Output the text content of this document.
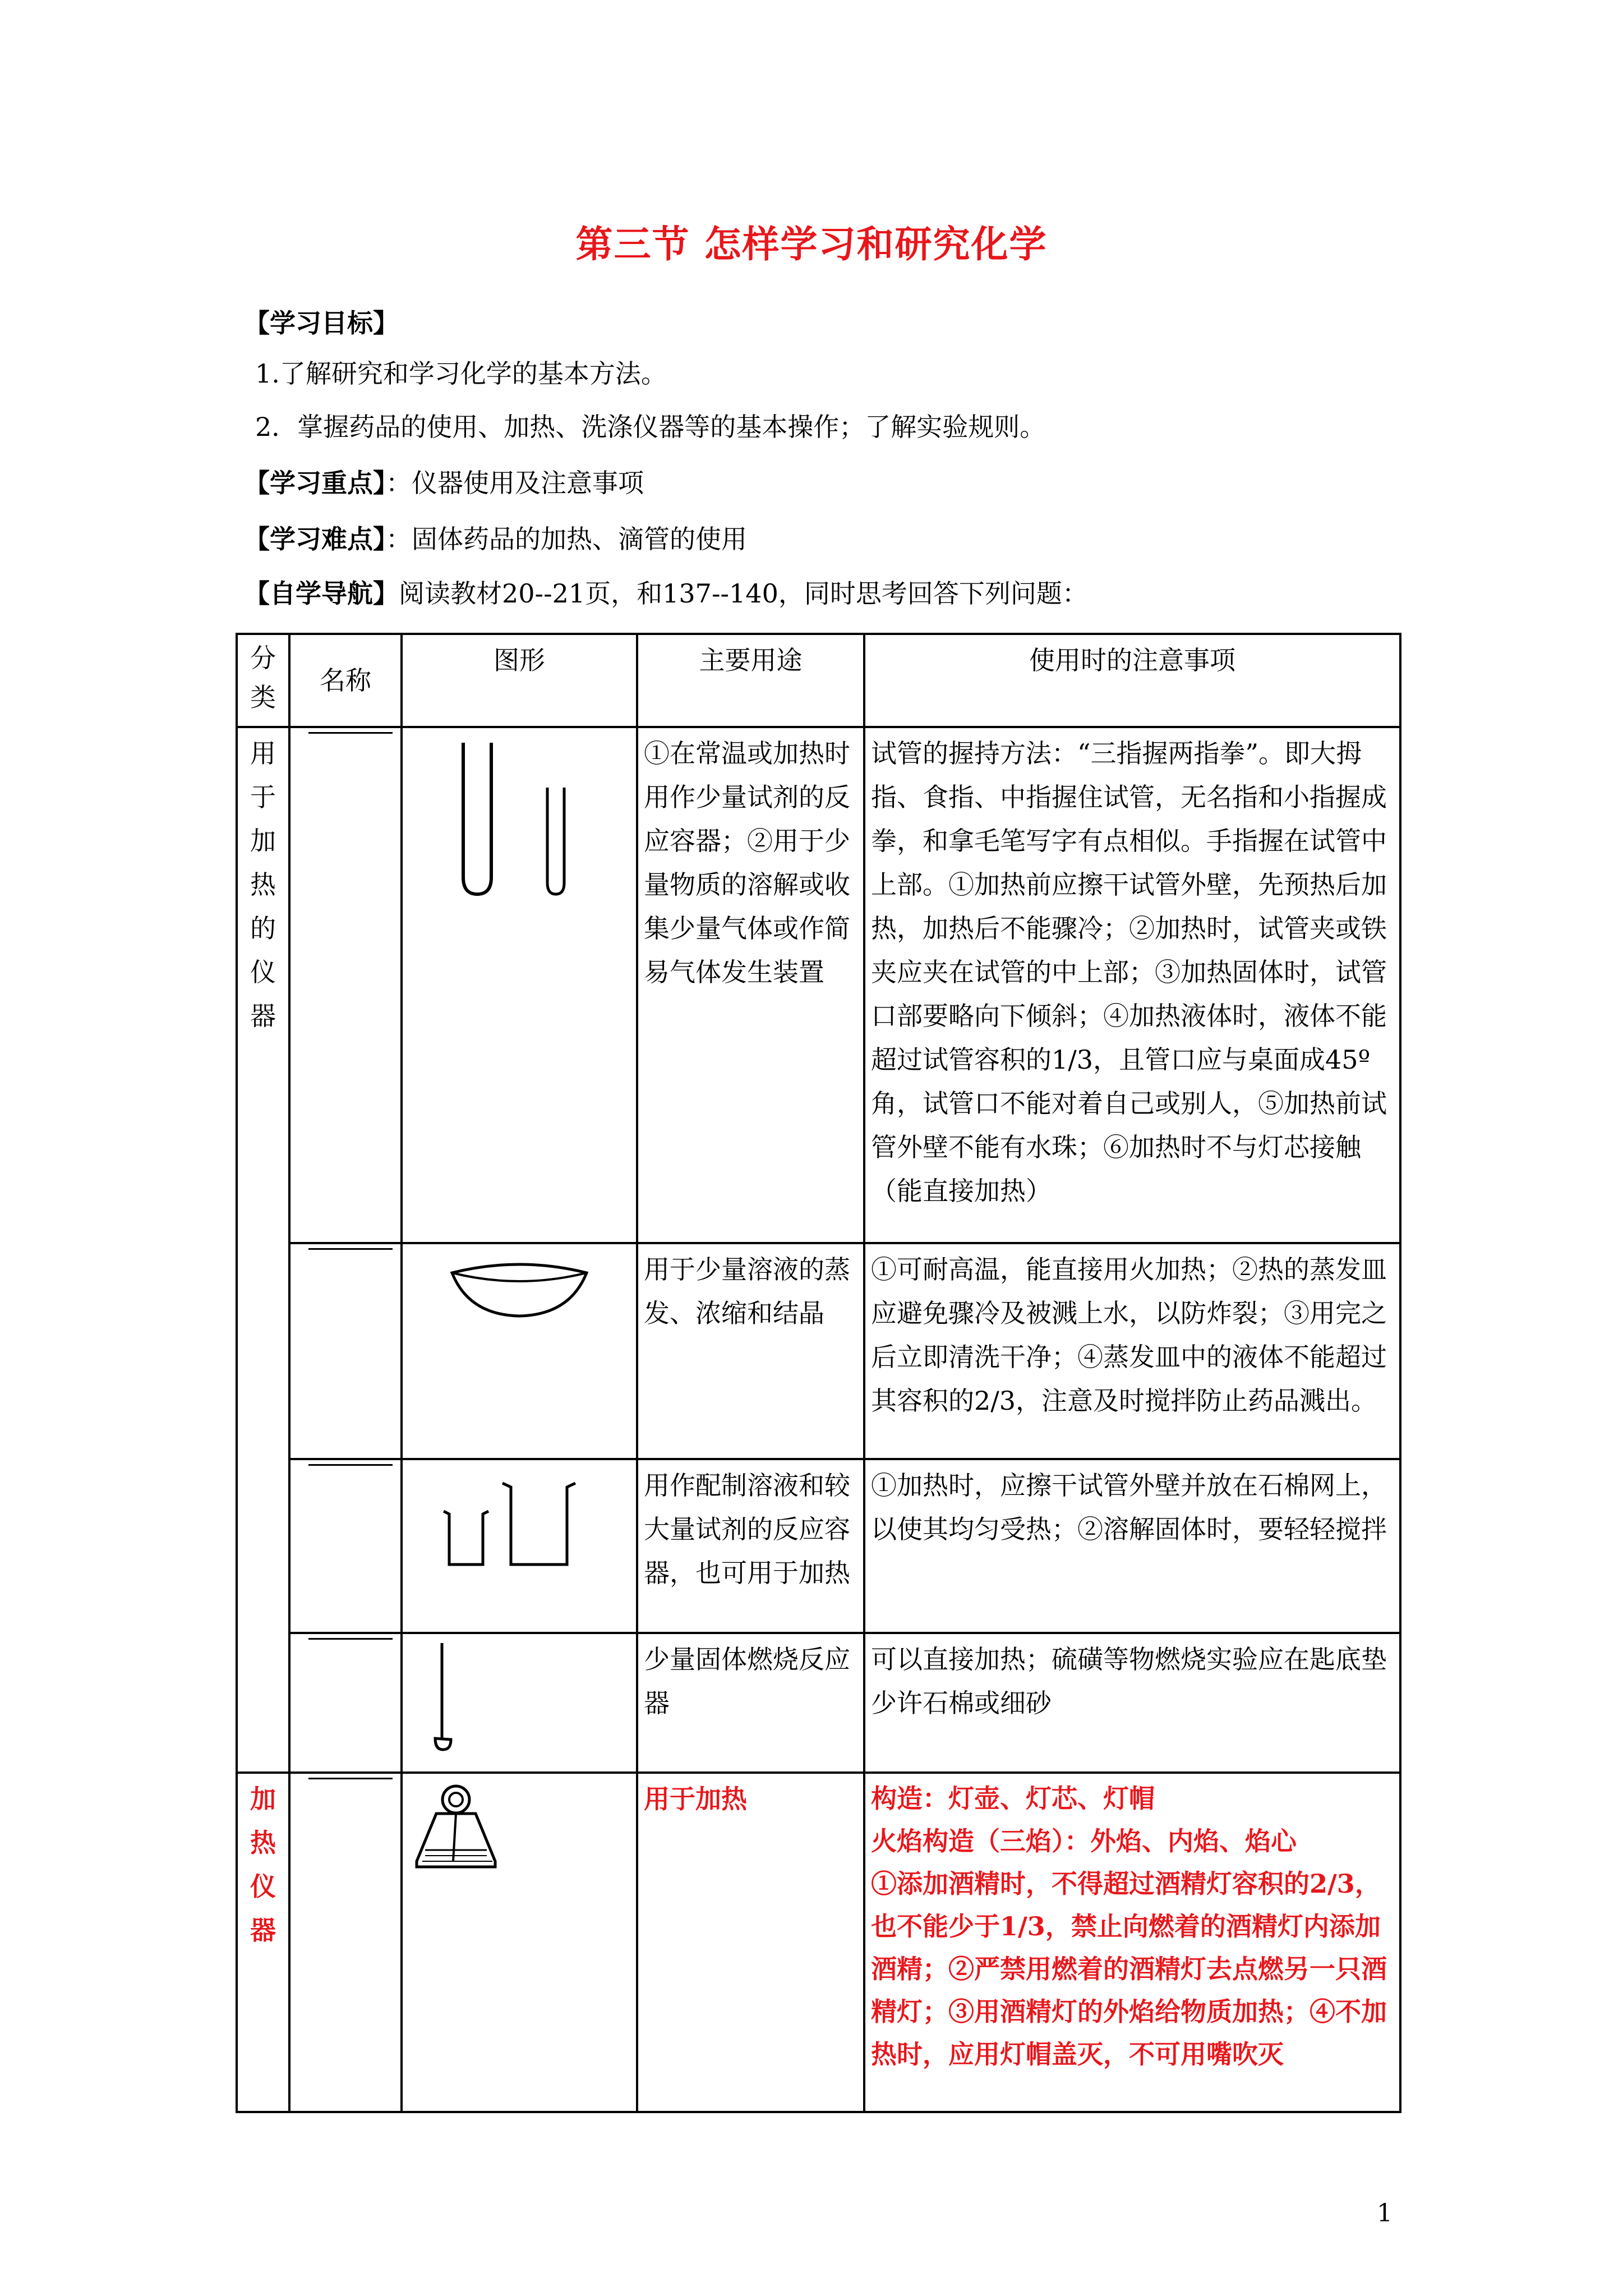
第三节 怎样学习和研究化学
【学习目标】
1.了解研究和学习化学的基本方法。
2．掌握药品的使用、加热、洗涤仪器等的基本操作；了解实验规则。
【学习重点】：仪器使用及注意事项
【学习难点】：固体药品的加热、滴管的使用
【自学导航】阅读教材20--21页，和137--140，同时思考回答下列问题：
分类	名称	图形	主要用途	使用时的注意事项
用于加热的仪器			①在常温或加热时用作少量试剂的反应容器；②用于少量物质的溶解或收集少量气体或作简易气体发生装置	试管的握持方法：“三指握两指拳”。即大拇指、食指、中指握住试管，无名指和小指握成拳，和拿毛笔写字有点相似。手指握在试管中上部。①加热前应擦干试管外壁，先预热后加热，加热后不能骤冷；②加热时，试管夹或铁夹应夹在试管的中上部；③加热固体时，试管口部要略向下倾斜；④加热液体时，液体不能超过试管容积的1/3，且管口应与桌面成45º角，试管口不能对着自己或别人，⑤加热前试管外壁不能有水珠；⑥加热时不与灯芯接触 （能直接加热）

		用于少量溶液的蒸发、浓缩和结晶	①可耐高温，能直接用火加热；②热的蒸发皿应避免骤冷及被溅上水，以防炸裂；③用完之后立即清洗干净；④蒸发皿中的液体不能超过其容积的2/3，注意及时搅拌防止药品溅出。

		用作配制溶液和较大量试剂的反应容器，也可用于加热	①加热时，应擦干试管外壁并放在石棉网上，以使其均匀受热；②溶解固体时，要轻轻搅拌

		少量固体燃烧反应器	可以直接加热；硫磺等物燃烧实验应在匙底垫少许石棉或细砂
加热仪器			用于加热	构造：灯壶、灯芯、灯帽
火焰构造（三焰）：外焰、内焰、焰心
①添加酒精时，不得超过酒精灯容积的2/3，也不能少于1/3，禁止向燃着的酒精灯内添加酒精；②严禁用燃着的酒精灯去点燃另一只酒精灯；③用酒精灯的外焰给物质加热；④不加热时，应用灯帽盖灭，不可用嘴吹灭
1
